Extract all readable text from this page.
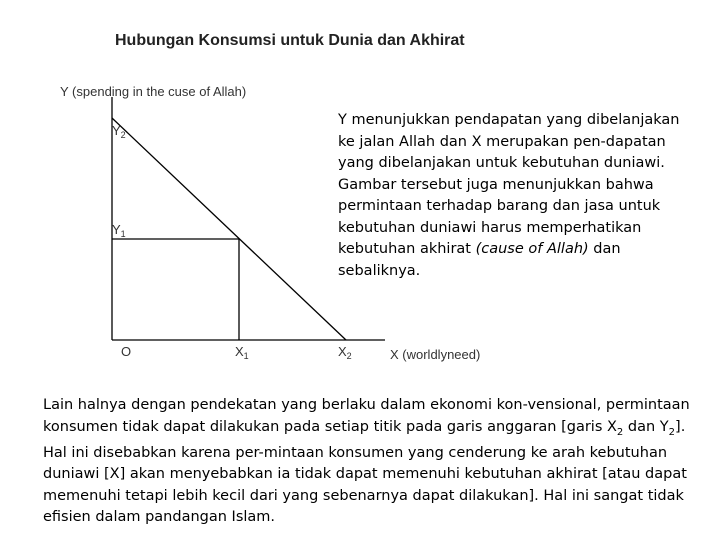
Hubungan Konsumsi untuk Dunia dan Akhirat
Y (spending in the cuse of Allah)
X (worldlyneed)
$Y_2$
$Y_1$
O	$X_1$	$X_2$
Y menunjukkan pendapatan yang dibelanjakan ke jalan Allah dan X merupakan pen-dapatan yang dibelanjakan untuk kebutuhan duniawi. Gambar tersebut juga menunjukkan bahwa permintaan terhadap barang dan jasa untuk kebutuhan duniawi harus memperhatikan kebutuhan akhirat (cause of Allah) dan sebaliknya.
Lain halnya dengan pendekatan yang berlaku dalam ekonomi kon-vensional, permintaan konsumen tidak dapat dilakukan pada setiap titik pada garis anggaran [garis $X_2$ dan $Y_2$]. Hal ini disebabkan karena per-mintaan konsumen yang cenderung ke arah kebutuhan duniawi [X] akan menyebabkan ia tidak dapat memenuhi kebutuhan akhirat [atau dapat memenuhi tetapi lebih kecil dari yang sebenarnya dapat dilakukan]. Hal ini sangat tidak efisien dalam pandangan Islam.
